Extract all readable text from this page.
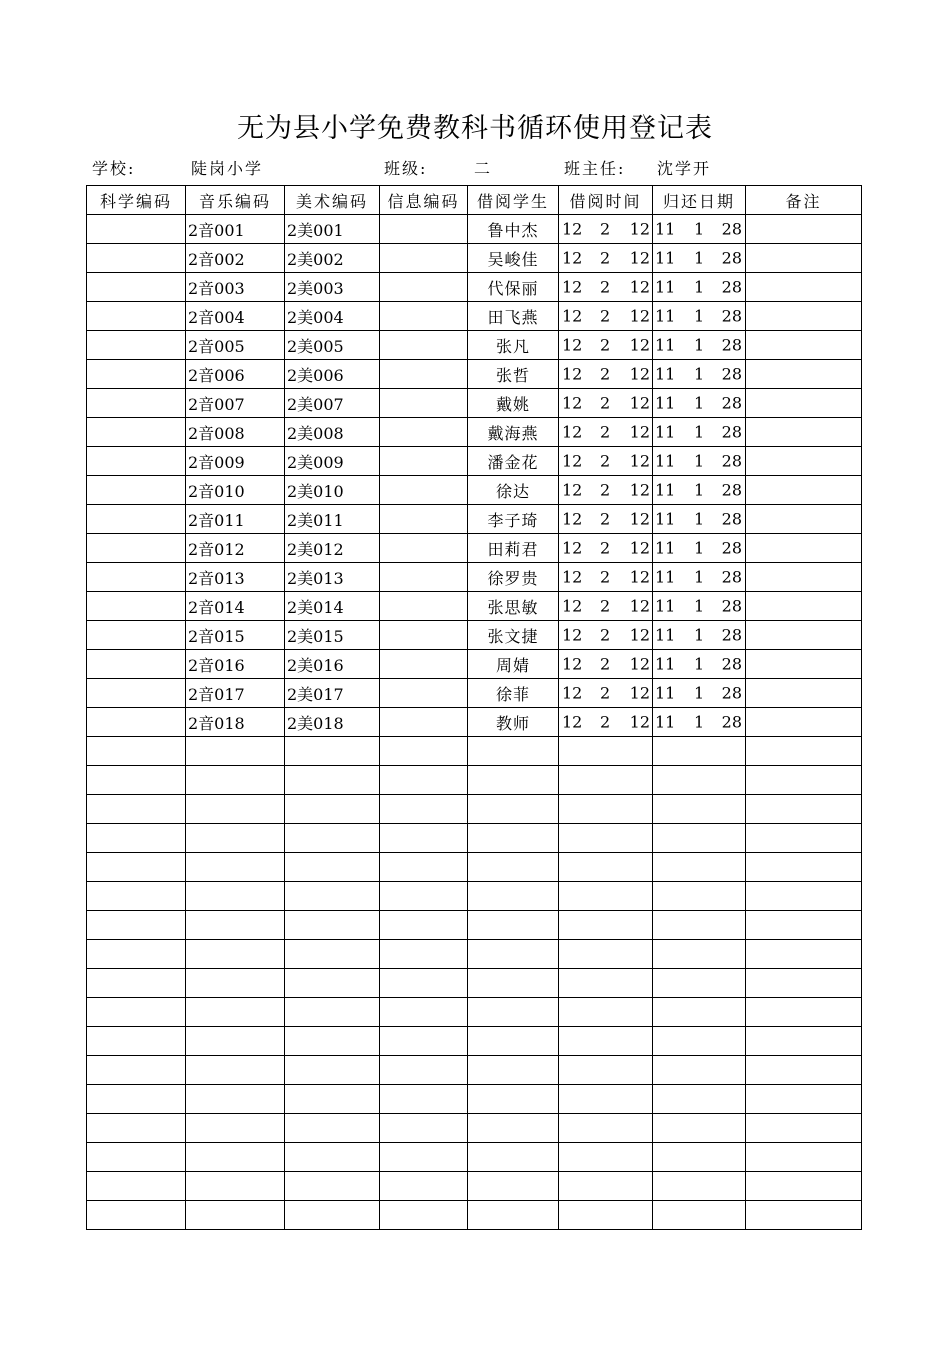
无为县小学免费教科书循环使用登记表
学校:	陡岗小学	班级:	二	班主任: 沈学开
科学编码	音乐编码	美术编码	信息编码	借阅学生	借阅时间	归还日期	备注
	2音001	2美001		鲁中杰	12 2 12	11 1 28	

	2音002	2美002		吴峻佳	12 2 12	11 1 28	

	2音003	2美003		代保丽	12 2 12	11 1 28	

	2音004	2美004		田飞燕	12 2 12	11 1 28	

	2音005	2美005		张凡	12 2 12	11 1 28	

	2音006	2美006		张哲	12 2 12	11 1 28	

	2音007	2美007		戴姚	12 2 12	11 1 28	

	2音008	2美008		戴海燕	12 2 12	11 1 28	

	2音009	2美009		潘金花	12 2 12	11 1 28	

	2音010	2美010		徐达	12 2 12	11 1 28	

	2音011	2美011		李子琦	12 2 12	11 1 28	

	2音012	2美012		田莉君	12 2 12	11 1 28	

	2音013	2美013		徐罗贵	12 2 12	11 1 28	

	2音014	2美014		张思敏	12 2 12	11 1 28	

	2音015	2美015		张文捷	12 2 12	11 1 28	

	2音016	2美016		周婧	12 2 12	11 1 28	

	2音017	2美017		徐菲	12 2 12	11 1 28	

	2音018	2美018		教师	12 2 12	11 1 28	
